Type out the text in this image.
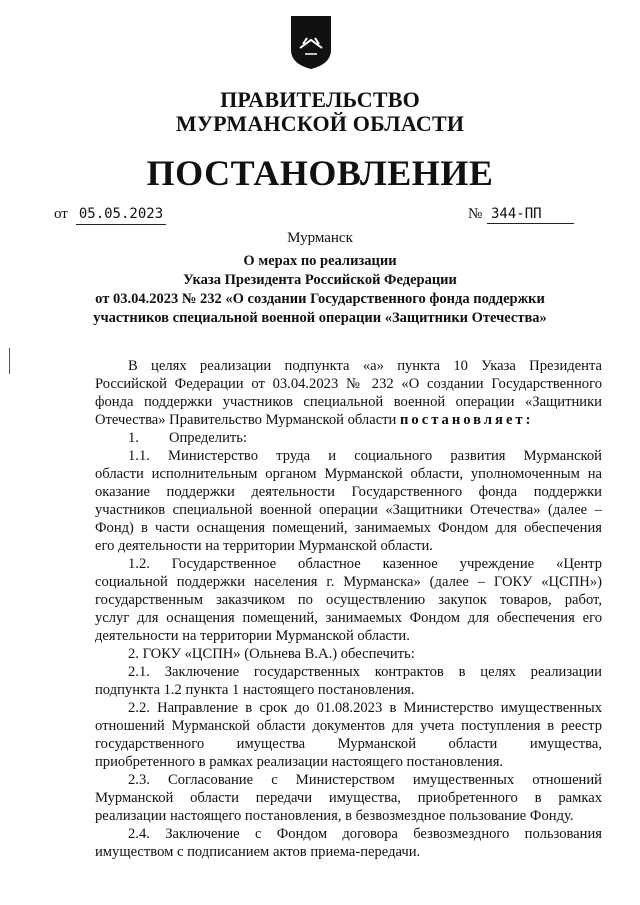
ПРАВИТЕЛЬСТВО
МУРМАНСКОЙ ОБЛАСТИ
ПОСТАНОВЛЕНИЕ
от 05.05.2023	№ 344-ПП
Мурманск
О мерах по реализации
Указа Президента Российской Федерации
от 03.04.2023 № 232 «О создании Государственного фонда поддержки
участников специальной военной операции «Защитники Отечества»
В целях реализации подпункта «а» пункта 10 Указа Президента
Российской Федерации от 03.04.2023 № 232 «О создании Государственного
фонда поддержки участников специальной военной операции «Защитники
Отечества» Правительство Мурманской области постановляет:
1. Определить:
1.1. Министерство труда и социального развития Мурманской
области исполнительным органом Мурманской области, уполномоченным на
оказание поддержки деятельности Государственного фонда поддержки
участников специальной военной операции «Защитники Отечества» (далее –
Фонд) в части оснащения помещений, занимаемых Фондом для обеспечения
его деятельности на территории Мурманской области.
1.2. Государственное областное казенное учреждение «Центр
социальной поддержки населения г. Мурманска» (далее – ГОКУ «ЦСПН»)
государственным заказчиком по осуществлению закупок товаров, работ,
услуг для оснащения помещений, занимаемых Фондом для обеспечения его
деятельности на территории Мурманской области.
2. ГОКУ «ЦСПН» (Ольнева В.А.) обеспечить:
2.1. Заключение государственных контрактов в целях реализации
подпункта 1.2 пункта 1 настоящего постановления.
2.2. Направление в срок до 01.08.2023 в Министерство имущественных
отношений Мурманской области документов для учета поступления в реестр
государственного имущества Мурманской области имущества,
приобретенного в рамках реализации настоящего постановления.
2.3. Согласование с Министерством имущественных отношений
Мурманской области передачи имущества, приобретенного в рамках
реализации настоящего постановления, в безвозмездное пользование Фонду.
2.4. Заключение с Фондом договора безвозмездного пользования
имуществом с подписанием актов приема-передачи.
